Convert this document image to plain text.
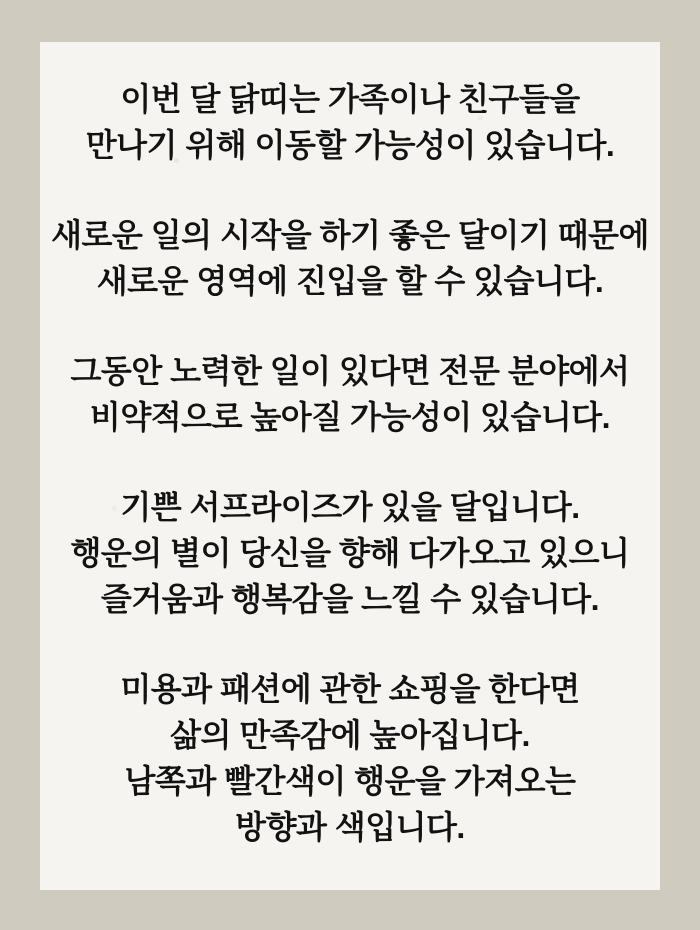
이번 달 닭띠는 가족이나 친구들을
만나기 위해 이동할 가능성이 있습니다.
새로운 일의 시작을 하기 좋은 달이기 때문에
새로운 영역에 진입을 할 수 있습니다.
그동안 노력한 일이 있다면 전문 분야에서
비약적으로 높아질 가능성이 있습니다.
기쁜 서프라이즈가 있을 달입니다.
행운의 별이 당신을 향해 다가오고 있으니
즐거움과 행복감을 느낄 수 있습니다.
미용과 패션에 관한 쇼핑을 한다면
삶의 만족감에 높아집니다.
남쪽과 빨간색이 행운을 가져오는
방향과 색입니다.
